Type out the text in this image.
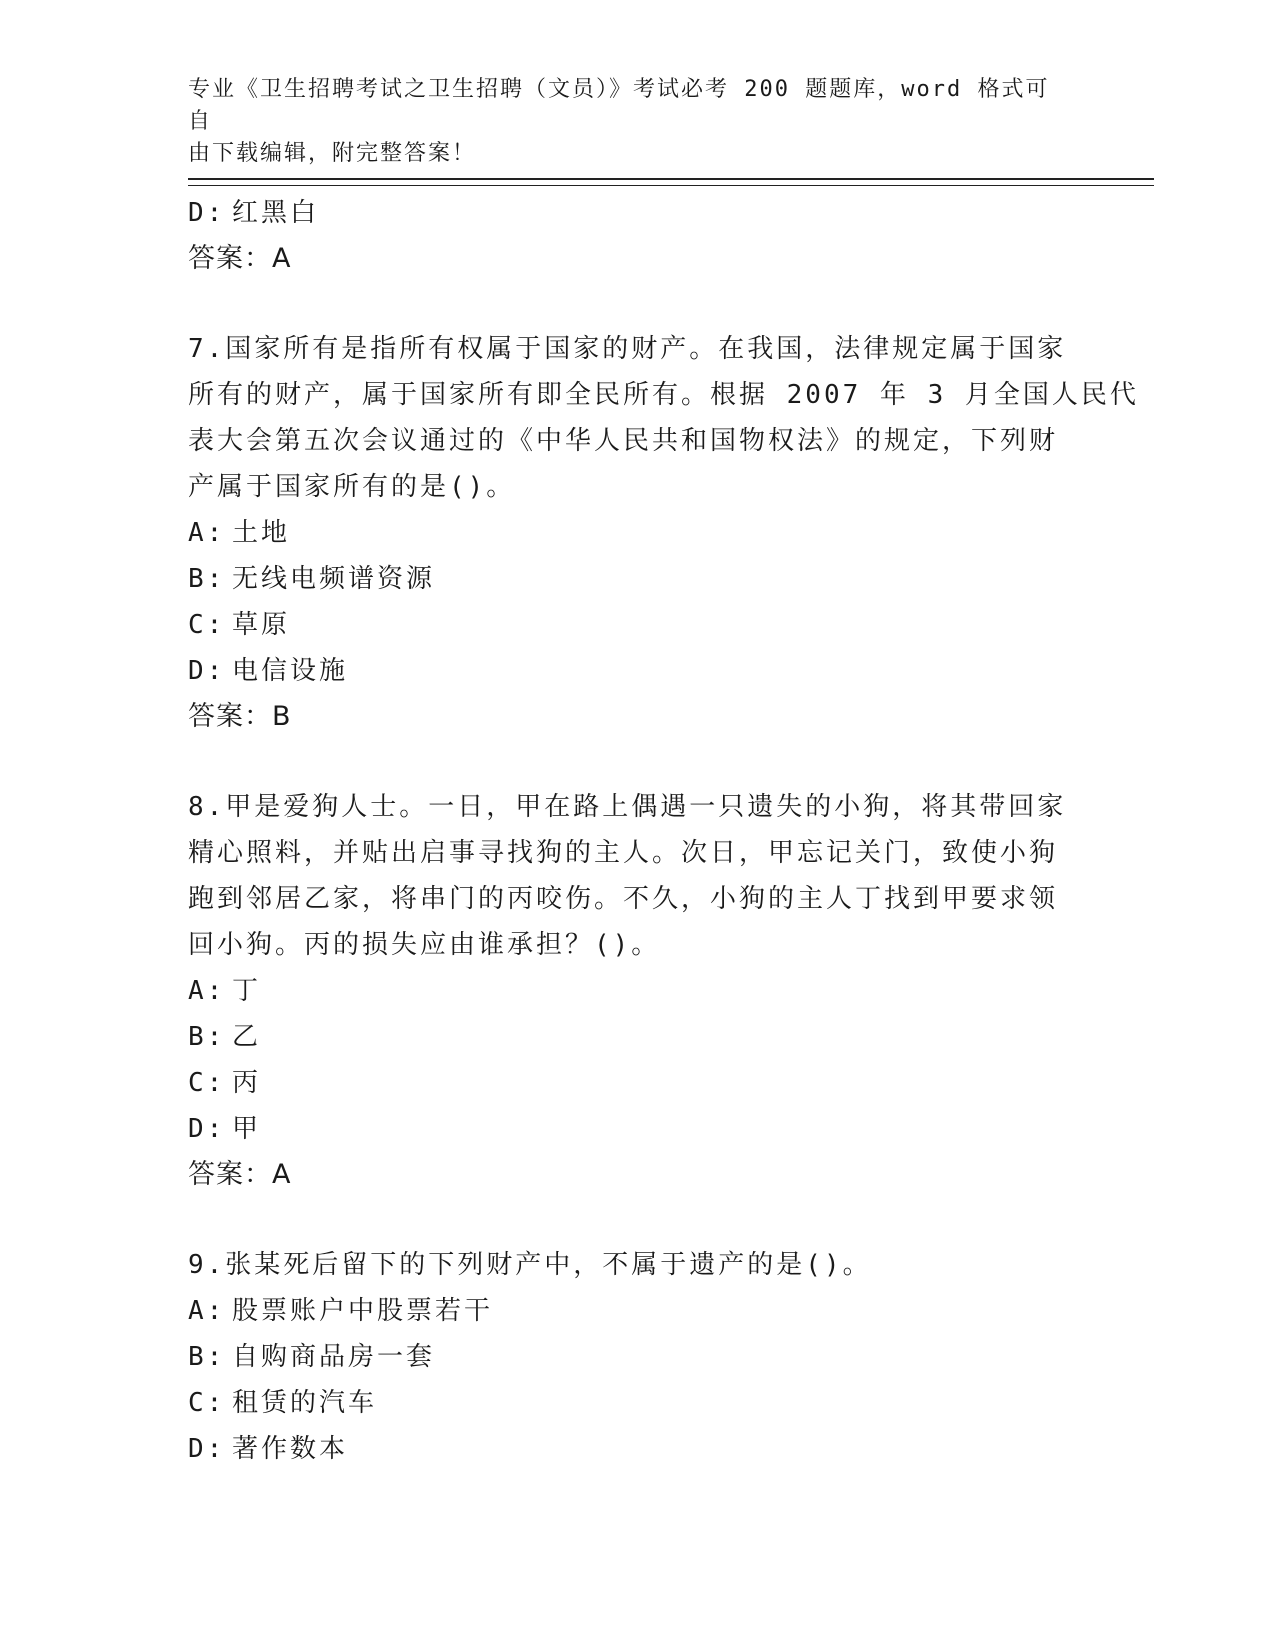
专业《卫生招聘考试之卫生招聘（文员）》考试必考 200 题题库，word 格式可自
由下载编辑，附完整答案！
D: 红黑白
答案：A
7.国家所有是指所有权属于国家的财产。在我国，法律规定属于国家
所有的财产，属于国家所有即全民所有。根据 2007 年 3 月全国人民代
表大会第五次会议通过的《中华人民共和国物权法》的规定，下列财
产属于国家所有的是()。
A: 土地
B: 无线电频谱资源
C: 草原
D: 电信设施
答案：B
8.甲是爱狗人士。一日，甲在路上偶遇一只遗失的小狗，将其带回家
精心照料，并贴出启事寻找狗的主人。次日，甲忘记关门，致使小狗
跑到邻居乙家，将串门的丙咬伤。不久，小狗的主人丁找到甲要求领
回小狗。丙的损失应由谁承担？()。
A: 丁
B: 乙
C: 丙
D: 甲
答案：A
9.张某死后留下的下列财产中，不属于遗产的是()。
A: 股票账户中股票若干
B: 自购商品房一套
C: 租赁的汽车
D: 著作数本
